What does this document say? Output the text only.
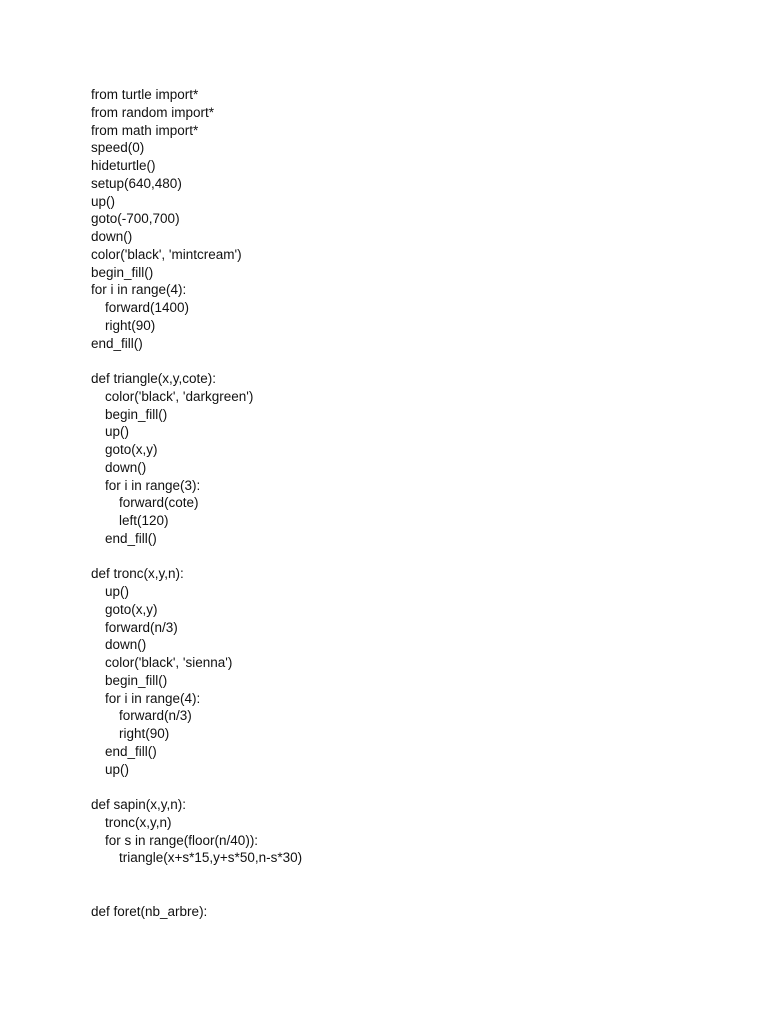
from turtle import*
from random import*
from math import*
speed(0)
hideturtle()
setup(640,480)
up()
goto(-700,700)
down()
color('black', 'mintcream')
begin_fill()
for i in range(4):
forward(1400)
right(90)
end_fill()
def triangle(x,y,cote):
color('black', 'darkgreen')
begin_fill()
up()
goto(x,y)
down()
for i in range(3):
forward(cote)
left(120)
end_fill()
def tronc(x,y,n):
up()
goto(x,y)
forward(n/3)
down()
color('black', 'sienna')
begin_fill()
for i in range(4):
forward(n/3)
right(90)
end_fill()
up()
def sapin(x,y,n):
tronc(x,y,n)
for s in range(floor(n/40)):
triangle(x+s*15,y+s*50,n-s*30)
def foret(nb_arbre):
